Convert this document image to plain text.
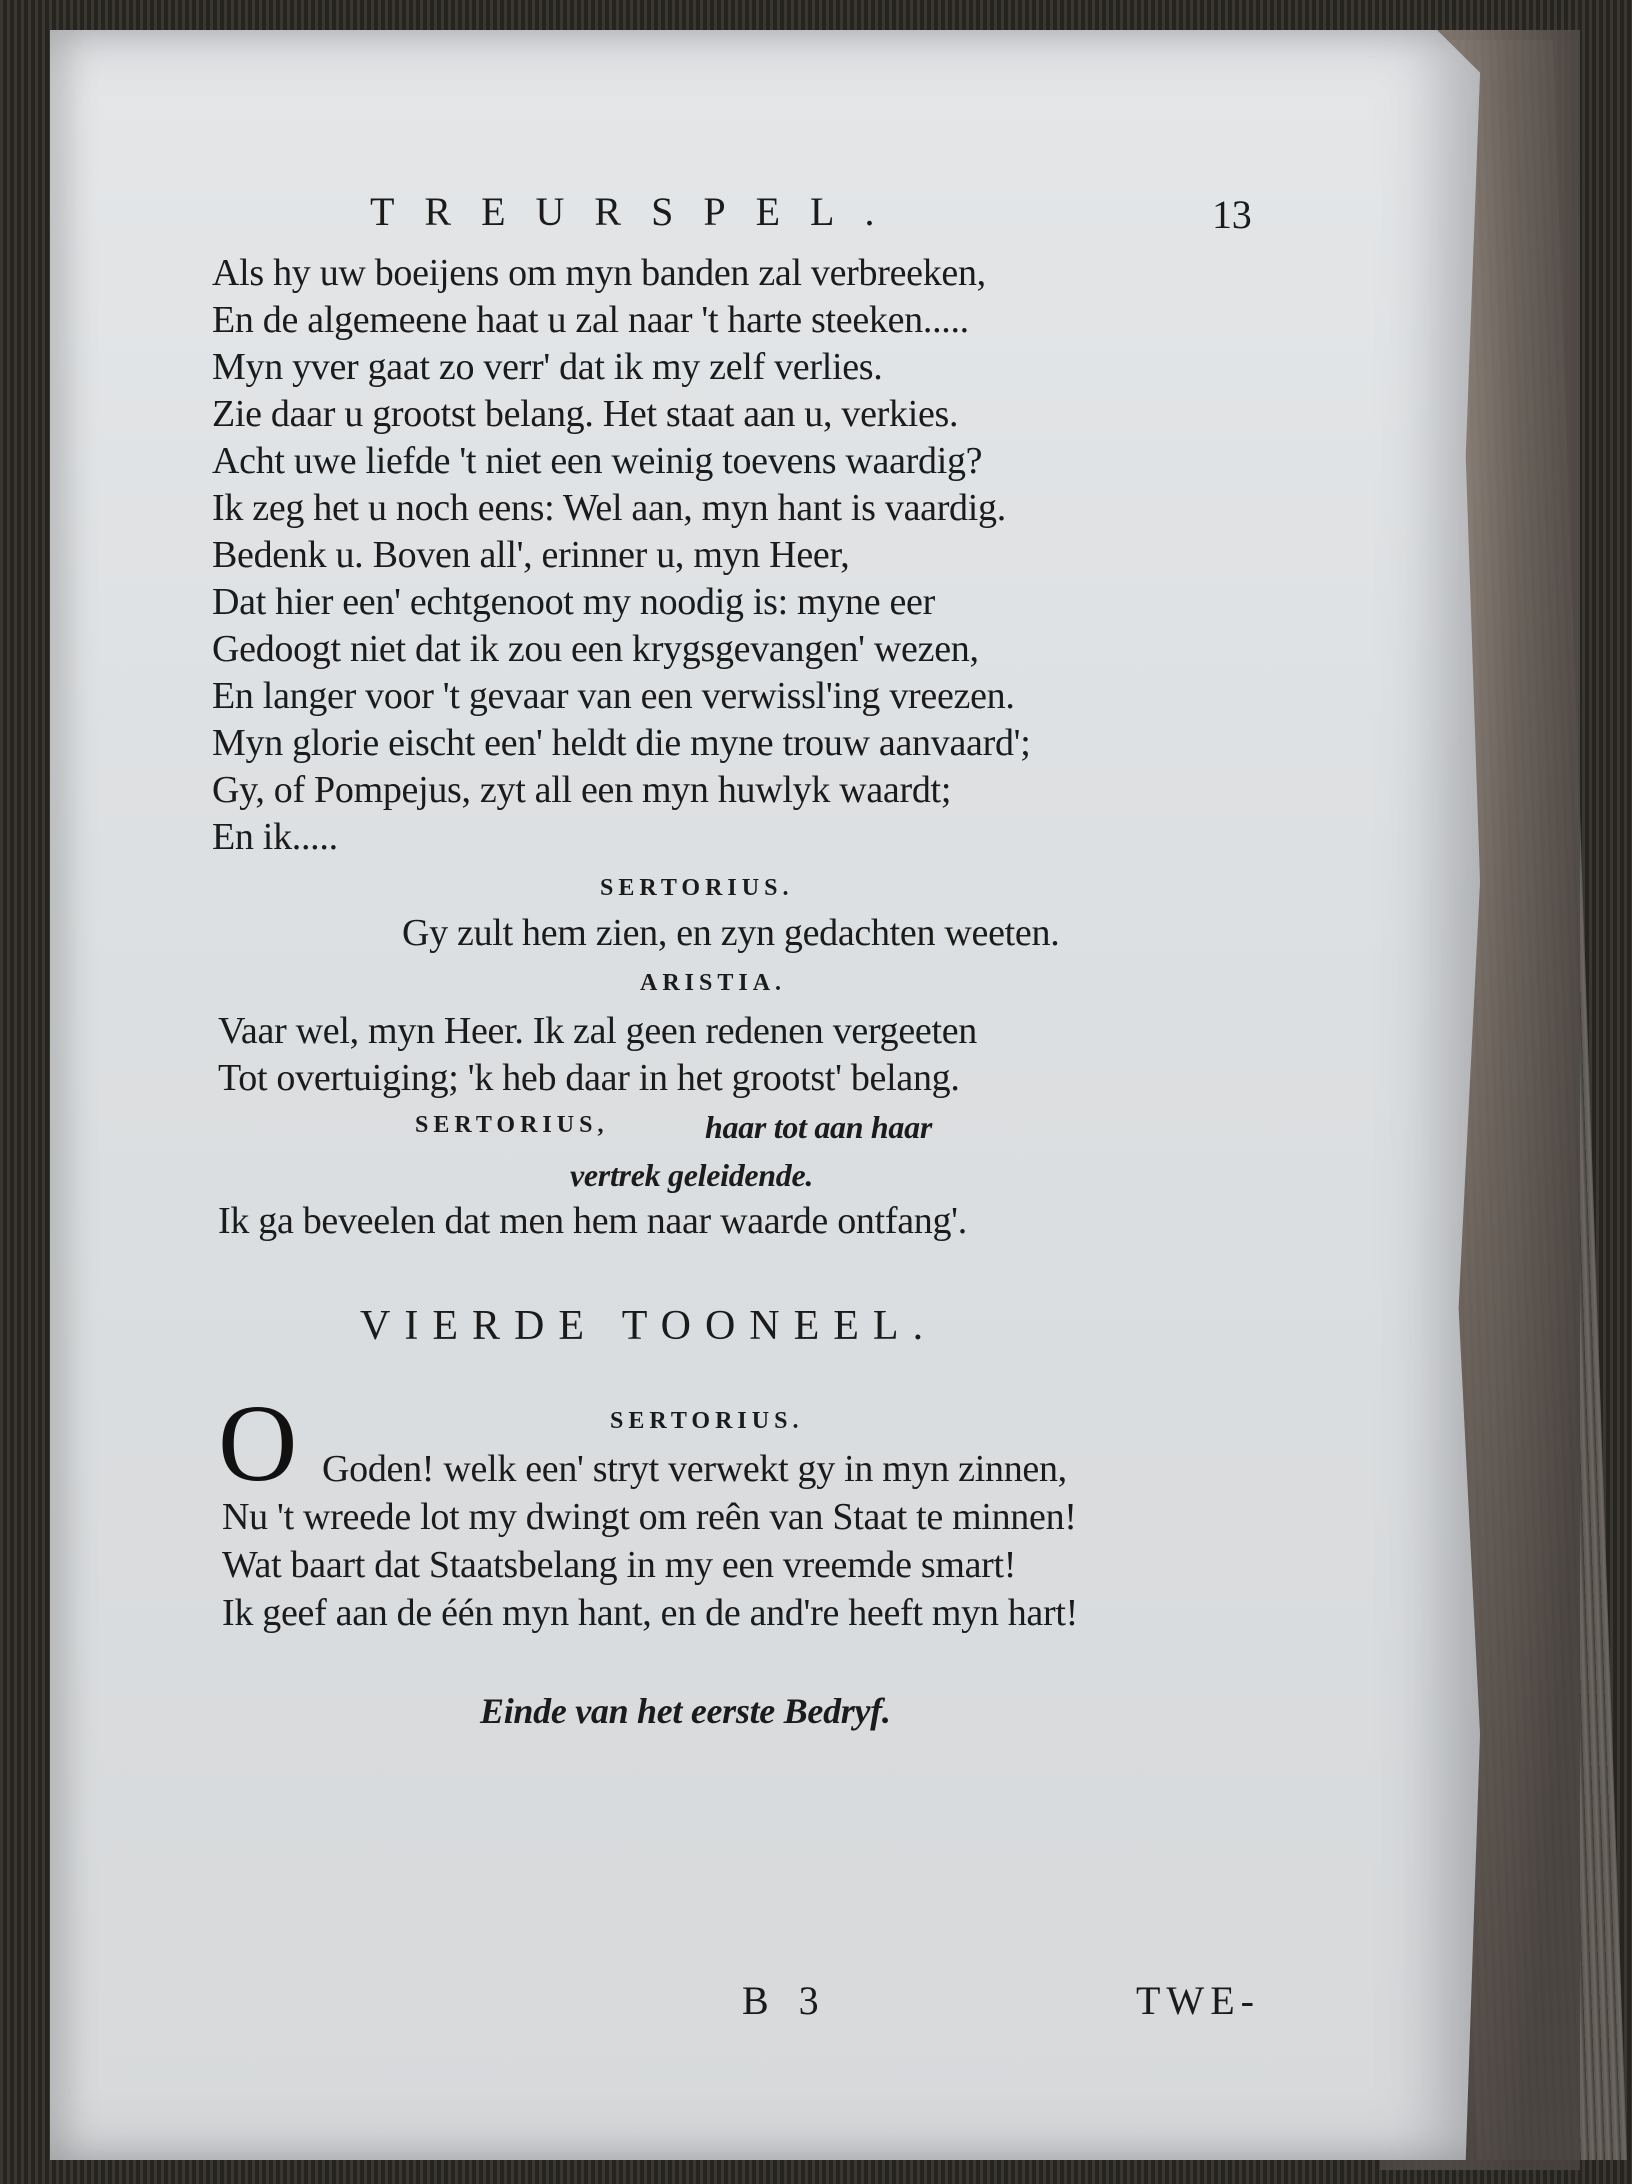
TREURSPEL.	13
Als hy uw boeijens om myn banden zal verbreeken,
En de algemeene haat u zal naar 't harte steeken.....
Myn yver gaat zo verr' dat ik my zelf verlies.
Zie daar u grootst belang. Het staat aan u, verkies.
Acht uwe liefde 't niet een weinig toevens waardig?
Ik zeg het u noch eens: Wel aan, myn hant is vaardig.
Bedenk u. Boven all', erinner u, myn Heer,
Dat hier een' echtgenoot my noodig is: myne eer
Gedoogt niet dat ik zou een krygsgevangen' wezen,
En langer voor 't gevaar van een verwissl'ing vreezen.
Myn glorie eischt een' heldt die myne trouw aanvaard';
Gy, of Pompejus, zyt all een myn huwlyk waardt;
En ik.....
SERTORIUS.
Gy zult hem zien, en zyn gedachten weeten.
ARISTIA.
Vaar wel, myn Heer. Ik zal geen redenen vergeeten
Tot overtuiging; 'k heb daar in het grootst' belang.
SERTORIUS,	haar tot aan haar
vertrek geleidende.
Ik ga beveelen dat men hem naar waarde ontfang'.
VIERDE TOONEEL.
SERTORIUS.
O Goden! welk een' stryt verwekt gy in myn zinnen,
Nu 't wreede lot my dwingt om reên van Staat te minnen!
Wat baart dat Staatsbelang in my een vreemde smart!
Ik geef aan de één myn hant, en de and're heeft myn hart!
Einde van het eerste Bedryf.
B 3	TWE-
